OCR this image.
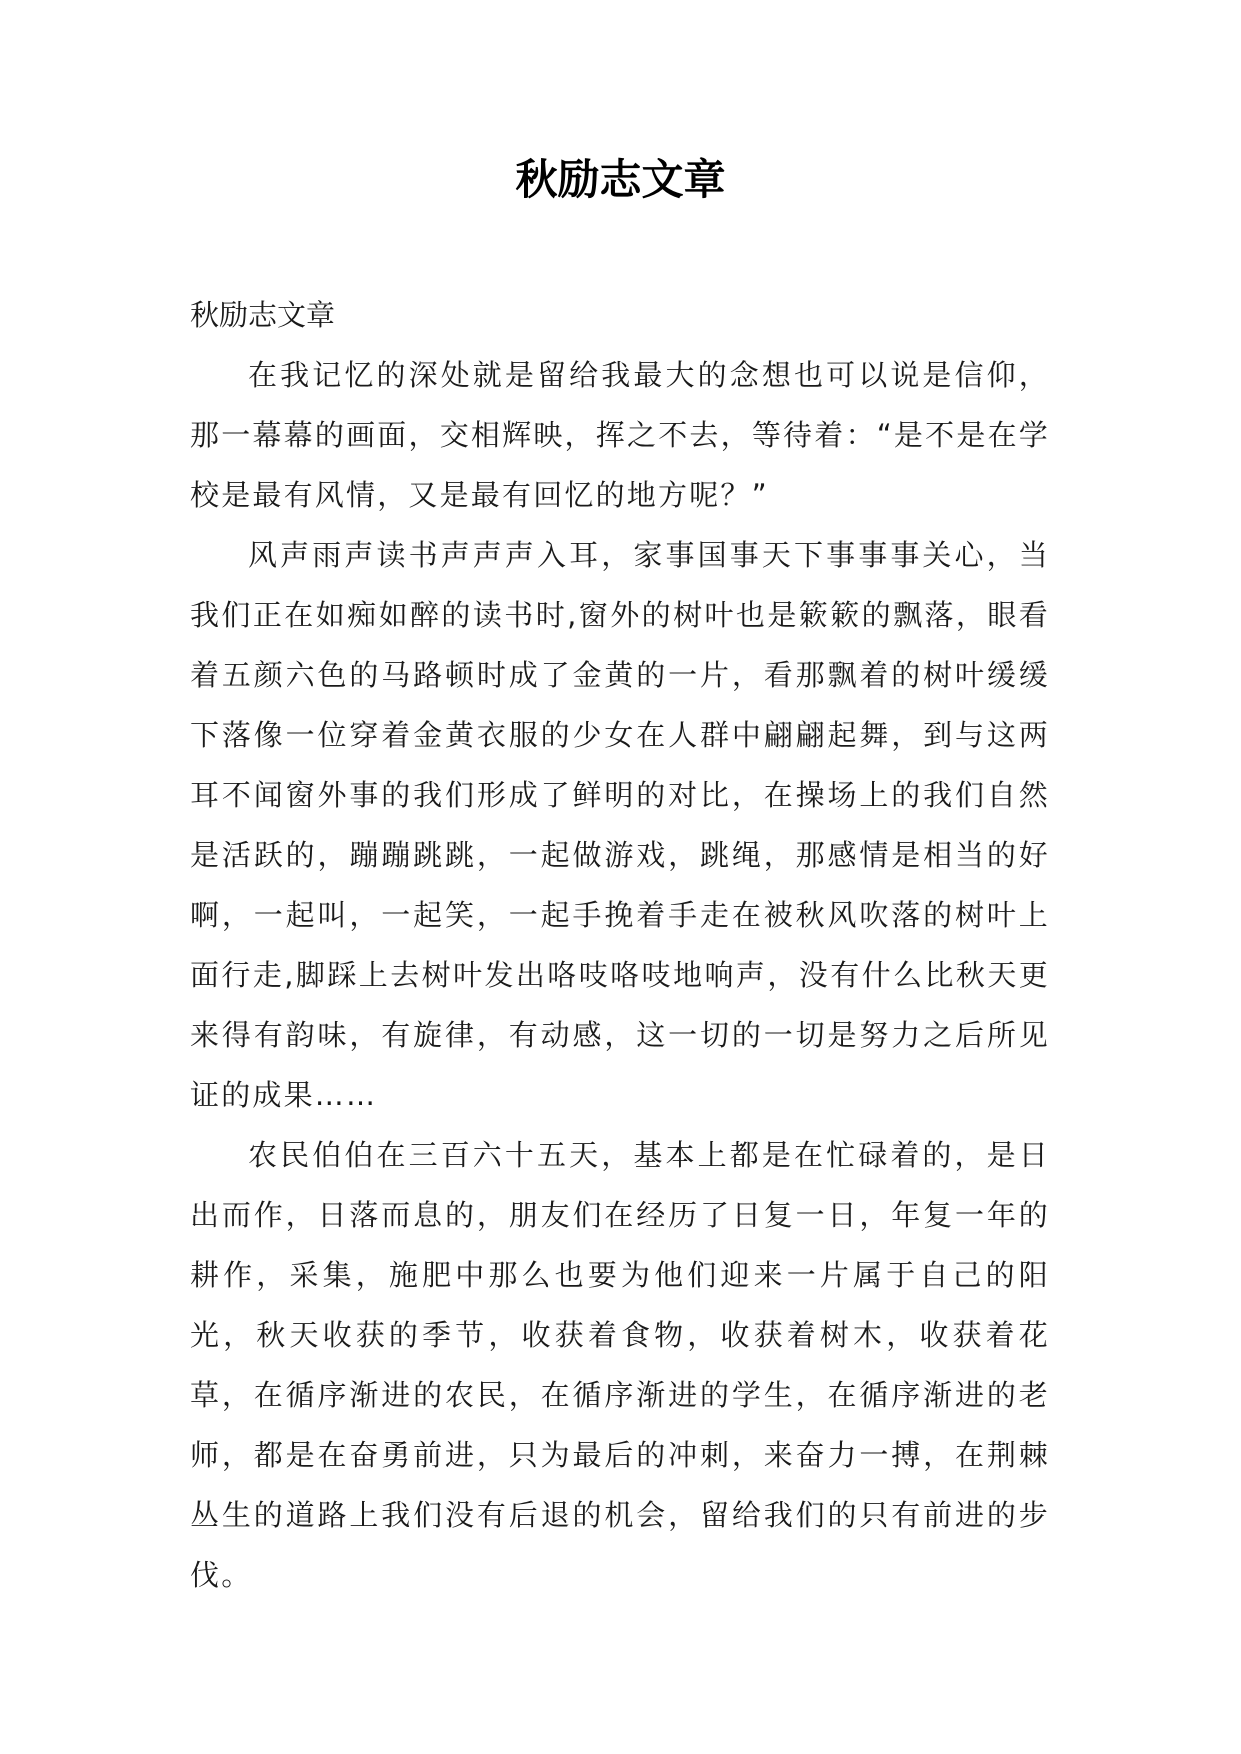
秋励志文章

秋励志文章

在我记忆的深处就是留给我最大的念想也可以说是信仰，那一幕幕的画面，交相辉映，挥之不去，等待着：“是不是在学校是最有风情，又是最有回忆的地方呢？”

风声雨声读书声声声入耳，家事国事天下事事事关心，当我们正在如痴如醉的读书时,窗外的树叶也是簌簌的飘落，眼看着五颜六色的马路顿时成了金黄的一片，看那飘着的树叶缓缓下落像一位穿着金黄衣服的少女在人群中翩翩起舞，到与这两耳不闻窗外事的我们形成了鲜明的对比，在操场上的我们自然是活跃的，蹦蹦跳跳，一起做游戏，跳绳，那感情是相当的好啊，一起叫，一起笑，一起手挽着手走在被秋风吹落的树叶上面行走,脚踩上去树叶发出咯吱咯吱地响声，没有什么比秋天更来得有韵味，有旋律，有动感，这一切的一切是努力之后所见证的成果……

农民伯伯在三百六十五天，基本上都是在忙碌着的，是日出而作，日落而息的，朋友们在经历了日复一日，年复一年的耕作，采集，施肥中那么也要为他们迎来一片属于自己的阳光，秋天收获的季节，收获着食物，收获着树木，收获着花草，在循序渐进的农民，在循序渐进的学生，在循序渐进的老师，都是在奋勇前进，只为最后的冲刺，来奋力一搏，在荆棘丛生的道路上我们没有后退的机会，留给我们的只有前进的步伐。
